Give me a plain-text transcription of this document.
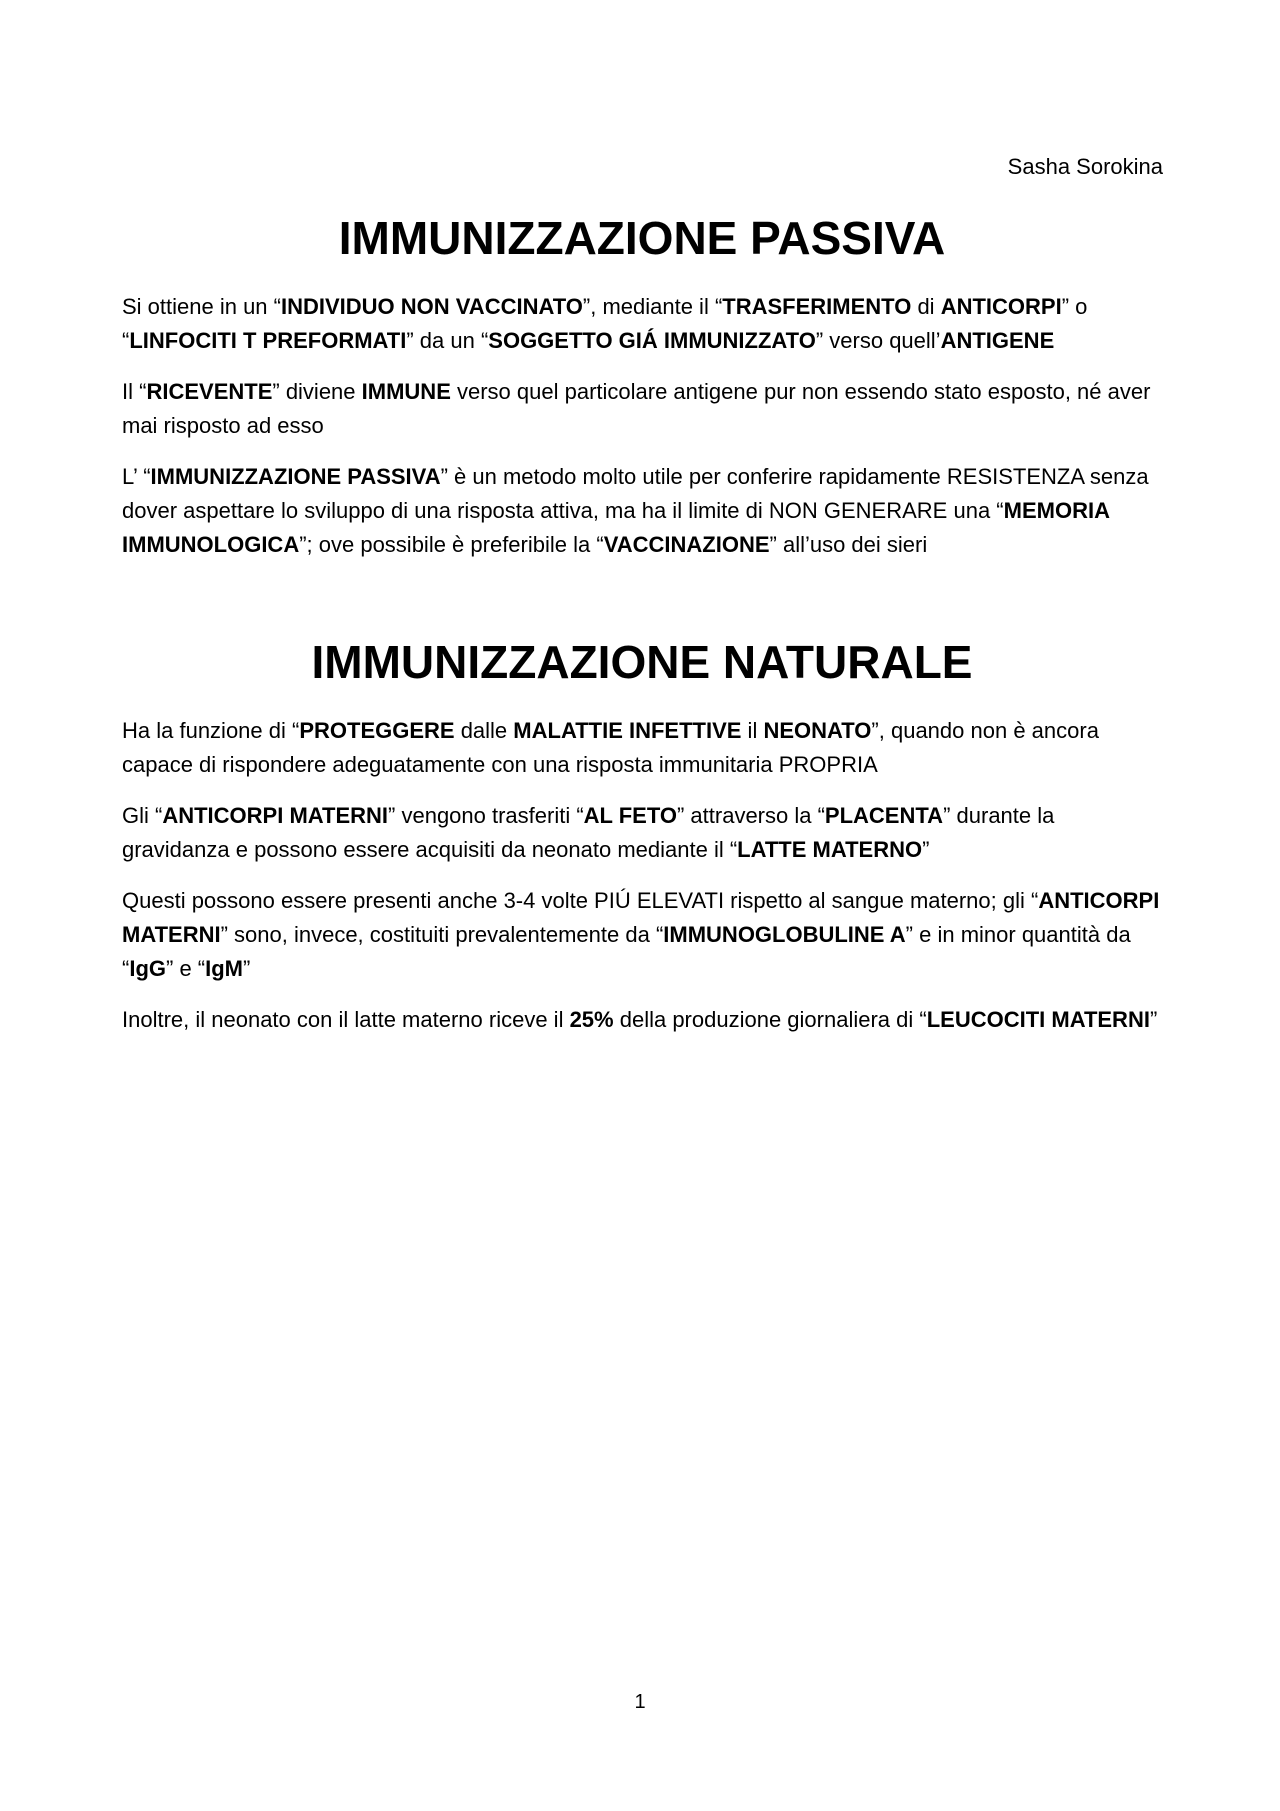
Sasha Sorokina
IMMUNIZZAZIONE PASSIVA

Si ottiene in un “INDIVIDUO NON VACCINATO”, mediante il “TRASFERIMENTO di ANTICORPI” o “LINFOCITI T PREFORMATI” da un “SOGGETTO GIÁ IMMUNIZZATO” verso quell’ANTIGENE

Il “RICEVENTE” diviene IMMUNE verso quel particolare antigene pur non essendo stato esposto, né aver mai risposto ad esso

L’ “IMMUNIZZAZIONE PASSIVA” è un metodo molto utile per conferire rapidamente RESISTENZA senza dover aspettare lo sviluppo di una risposta attiva, ma ha il limite di NON GENERARE una “MEMORIA IMMUNOLOGICA”; ove possibile è preferibile la “VACCINAZIONE” all’uso dei sieri

IMMUNIZZAZIONE NATURALE

Ha la funzione di “PROTEGGERE dalle MALATTIE INFETTIVE il NEONATO”, quando non è ancora capace di rispondere adeguatamente con una risposta immunitaria PROPRIA

Gli “ANTICORPI MATERNI” vengono trasferiti “AL FETO” attraverso la “PLACENTA” durante la gravidanza e possono essere acquisiti da neonato mediante il “LATTE MATERNO”

Questi possono essere presenti anche 3-4 volte PIÚ ELEVATI rispetto al sangue materno; gli “ANTICORPI MATERNI” sono, invece, costituiti prevalentemente da “IMMUNOGLOBULINE A” e in minor quantità da “IgG” e “IgM”

Inoltre, il neonato con il latte materno riceve il 25% della produzione giornaliera di “LEUCOCITI MATERNI”

1
